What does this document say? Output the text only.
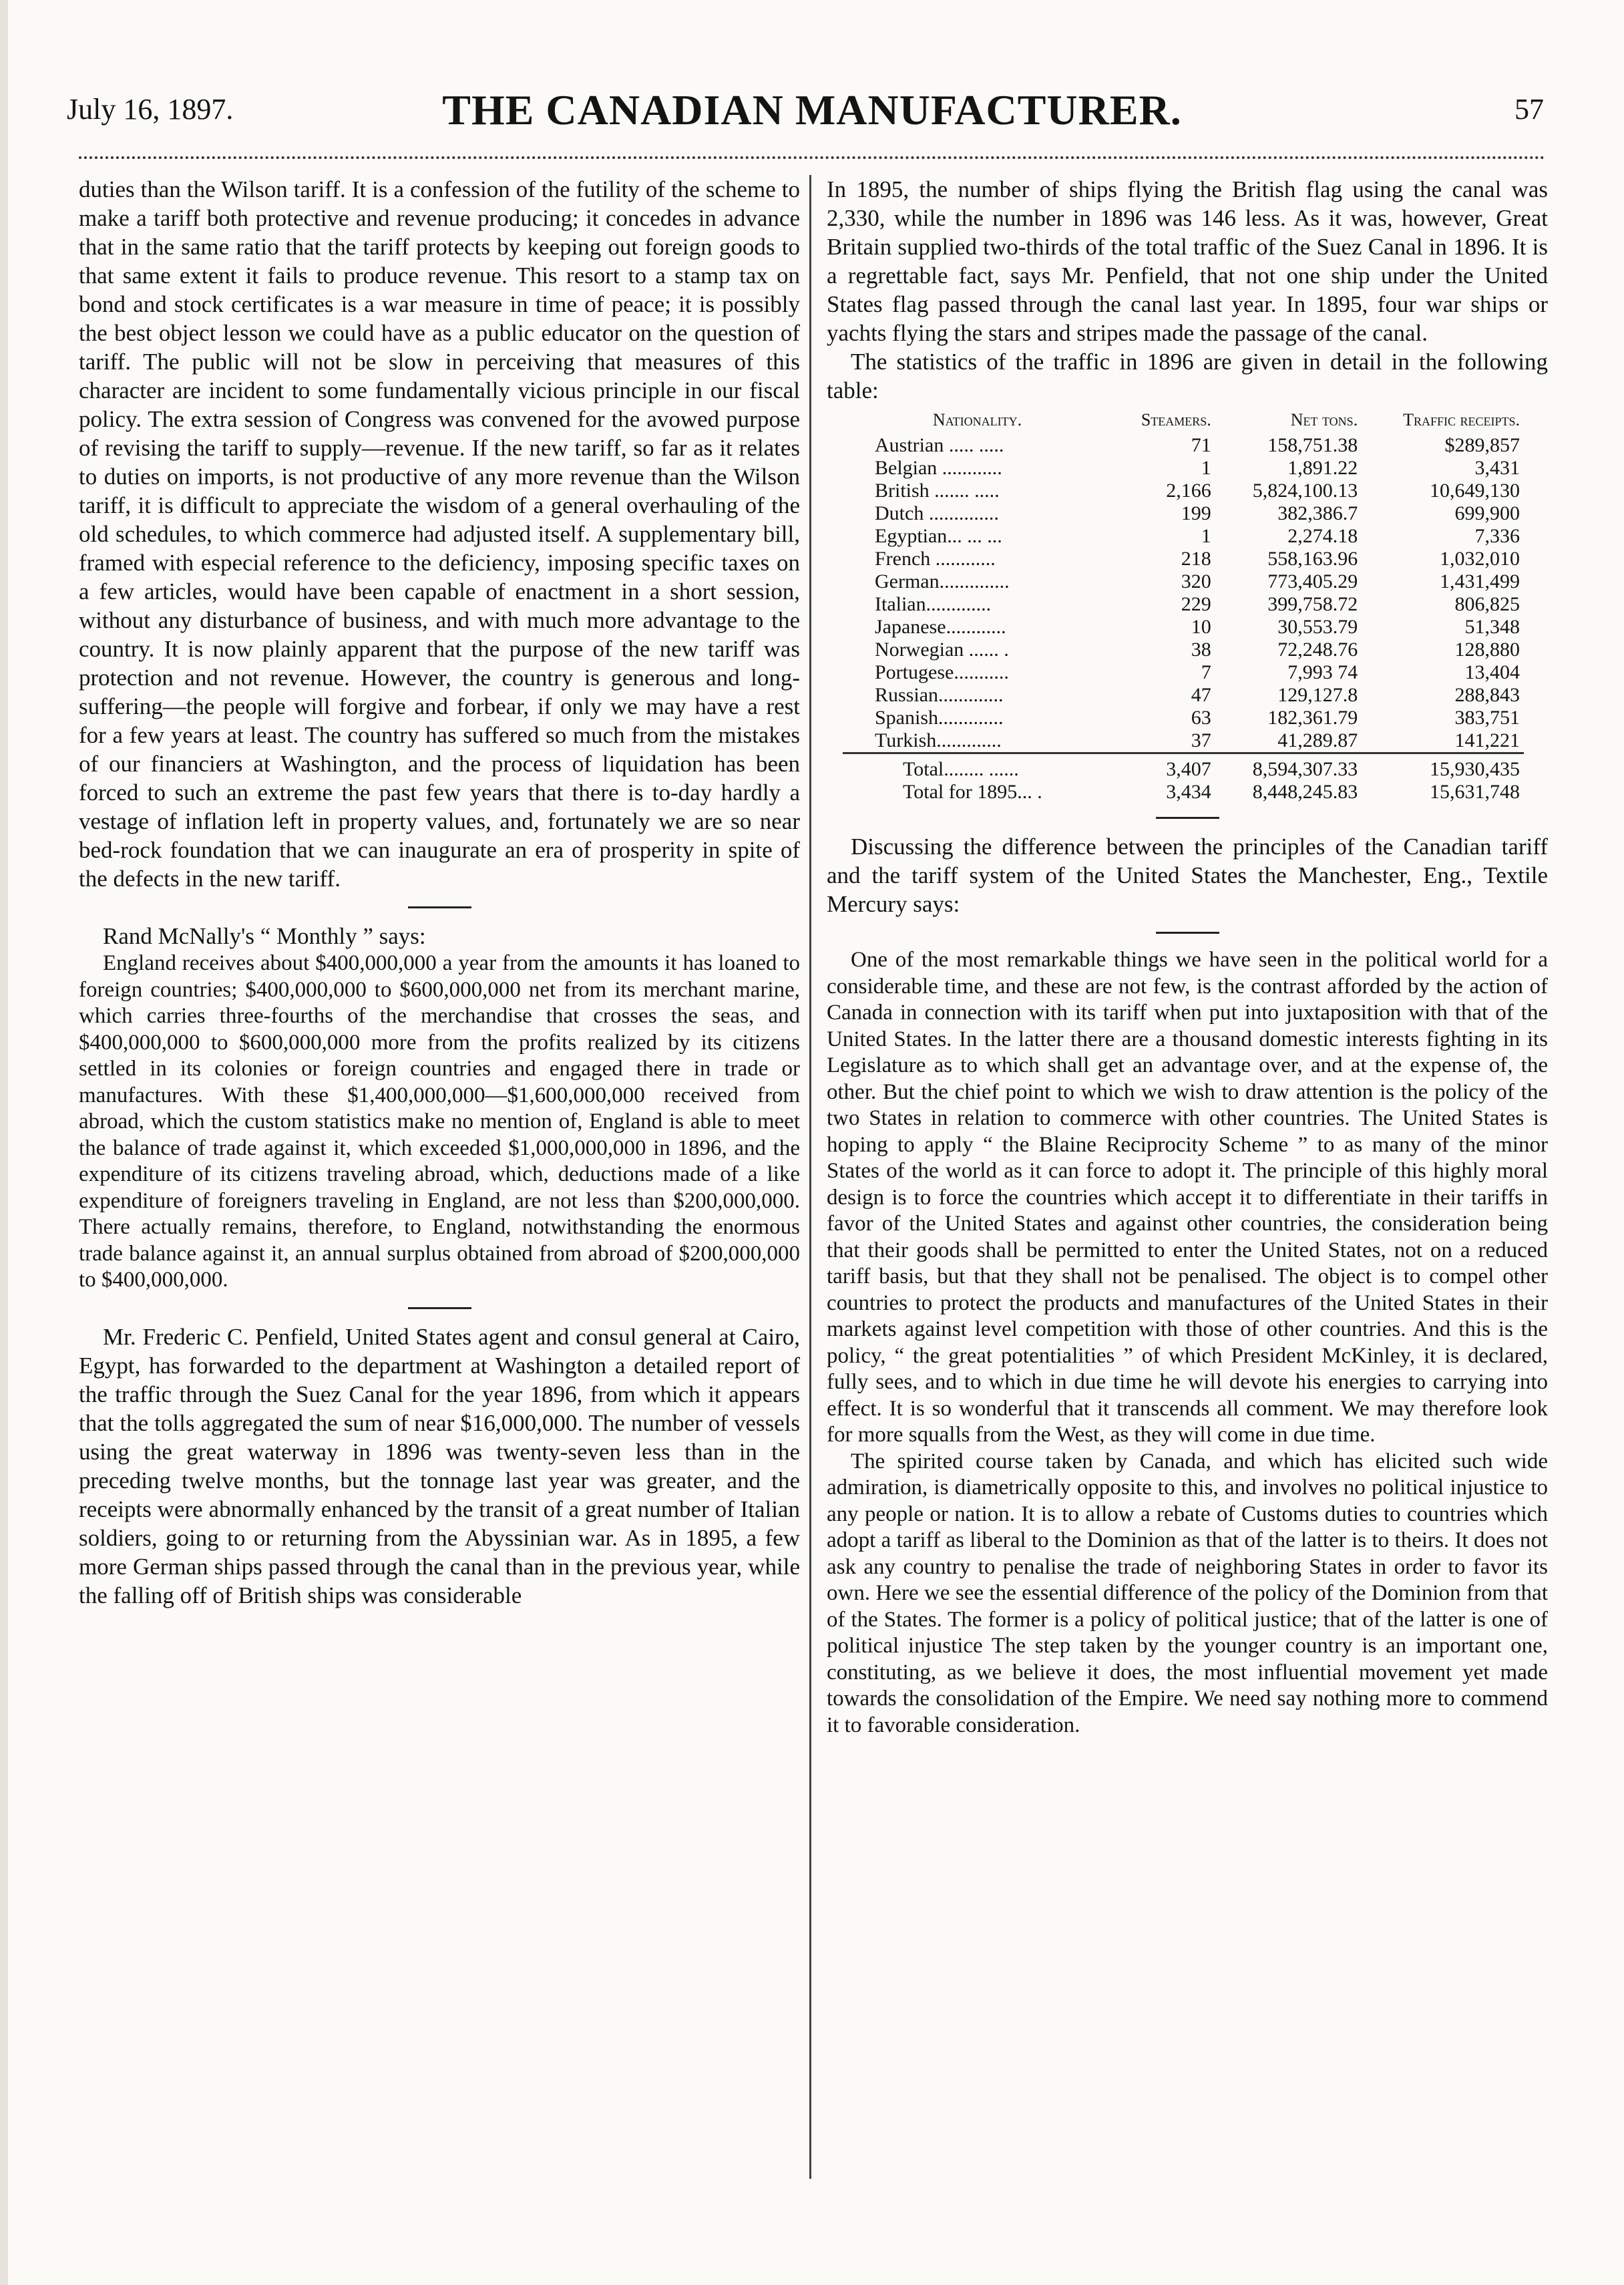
July 16, 1897.	THE CANADIAN MANUFACTURER.	57

duties than the Wilson tariff. It is a confession of the futility of the scheme to make a tariff both protective and revenue producing; it concedes in advance that in the same ratio that the tariff protects by keeping out foreign goods to that same extent it fails to produce revenue. This resort to a stamp tax on bond and stock certificates is a war measure in time of peace; it is possibly the best object lesson we could have as a public educator on the question of tariff. The public will not be slow in perceiving that measures of this character are incident to some fundamentally vicious principle in our fiscal policy. The extra session of Congress was convened for the avowed purpose of revising the tariff to supply—revenue. If the new tariff, so far as it relates to duties on imports, is not productive of any more revenue than the Wilson tariff, it is difficult to appreciate the wisdom of a general overhauling of the old schedules, to which commerce had adjusted itself. A supplementary bill, framed with especial reference to the deficiency, imposing specific taxes on a few articles, would have been capable of enactment in a short session, without any disturbance of business, and with much more advantage to the country. It is now plainly apparent that the purpose of the new tariff was protection and not revenue. However, the country is generous and long-suffering—the people will forgive and forbear, if only we may have a rest for a few years at least. The country has suffered so much from the mistakes of our financiers at Washington, and the process of liquidation has been forced to such an extreme the past few years that there is to-day hardly a vestage of inflation left in property values, and, fortunately we are so near bed-rock foundation that we can inaugurate an era of prosperity in spite of the defects in the new tariff.

Rand McNally's “ Monthly ” says:

England receives about $400,000,000 a year from the amounts it has loaned to foreign countries; $400,000,000 to $600,000,000 net from its merchant marine, which carries three-fourths of the merchandise that crosses the seas, and $400,000,000 to $600,000,000 more from the profits realized by its citizens settled in its colonies or foreign countries and engaged there in trade or manufactures. With these $1,400,000,000—$1,600,000,000 received from abroad, which the custom statistics make no mention of, England is able to meet the balance of trade against it, which exceeded $1,000,000,000 in 1896, and the expenditure of its citizens traveling abroad, which, deductions made of a like expenditure of foreigners traveling in England, are not less than $200,000,000. There actually remains, therefore, to England, notwithstanding the enormous trade balance against it, an annual surplus obtained from abroad of $200,000,000 to $400,000,000.

Mr. Frederic C. Penfield, United States agent and consul general at Cairo, Egypt, has forwarded to the department at Washington a detailed report of the traffic through the Suez Canal for the year 1896, from which it appears that the tolls aggregated the sum of near $16,000,000. The number of vessels using the great waterway in 1896 was twenty-seven less than in the preceding twelve months, but the tonnage last year was greater, and the receipts were abnormally enhanced by the transit of a great number of Italian soldiers, going to or returning from the Abyssinian war. As in 1895, a few more German ships passed through the canal than in the previous year, while the falling off of British ships was considerable

In 1895, the number of ships flying the British flag using the canal was 2,330, while the number in 1896 was 146 less. As it was, however, Great Britain supplied two-thirds of the total traffic of the Suez Canal in 1896. It is a regrettable fact, says Mr. Penfield, that not one ship under the United States flag passed through the canal last year. In 1895, four war ships or yachts flying the stars and stripes made the passage of the canal.

The statistics of the traffic in 1896 are given in detail in the following table:

Nationality.	Steamers.	Net tons.	Traffic receipts.
Austrian ..... .....	71	158,751.38	$289,857
Belgian ............	1	1,891.22	3,431
British ....... .....	2,166	5,824,100.13	10,649,130
Dutch ..............	199	382,386.7	699,900
Egyptian... ... ...	1	2,274.18	7,336
French ............	218	558,163.96	1,032,010
German..............	320	773,405.29	1,431,499
Italian.............	229	399,758.72	806,825
Japanese............	10	30,553.79	51,348
Norwegian ...... .	38	72,248.76	128,880
Portugese...........	7	7,993 74	13,404
Russian.............	47	129,127.8	288,843
Spanish.............	63	182,361.79	383,751
Turkish.............	37	41,289.87	141,221
Total........ ......	3,407	8,594,307.33	15,930,435
Total for 1895... .	3,434	8,448,245.83	15,631,748

Discussing the difference between the principles of the Canadian tariff and the tariff system of the United States the Manchester, Eng., Textile Mercury says:

One of the most remarkable things we have seen in the political world for a considerable time, and these are not few, is the contrast afforded by the action of Canada in connection with its tariff when put into juxtaposition with that of the United States. In the latter there are a thousand domestic interests fighting in its Legislature as to which shall get an advantage over, and at the expense of, the other. But the chief point to which we wish to draw attention is the policy of the two States in relation to commerce with other countries. The United States is hoping to apply “ the Blaine Reciprocity Scheme ” to as many of the minor States of the world as it can force to adopt it. The principle of this highly moral design is to force the countries which accept it to differentiate in their tariffs in favor of the United States and against other countries, the consideration being that their goods shall be permitted to enter the United States, not on a reduced tariff basis, but that they shall not be penalised. The object is to compel other countries to protect the products and manufactures of the United States in their markets against level competition with those of other countries. And this is the policy, “ the great potentialities ” of which President McKinley, it is declared, fully sees, and to which in due time he will devote his energies to carrying into effect. It is so wonderful that it transcends all comment. We may therefore look for more squalls from the West, as they will come in due time.

The spirited course taken by Canada, and which has elicited such wide admiration, is diametrically opposite to this, and involves no political injustice to any people or nation. It is to allow a rebate of Customs duties to countries which adopt a tariff as liberal to the Dominion as that of the latter is to theirs. It does not ask any country to penalise the trade of neighboring States in order to favor its own. Here we see the essential difference of the policy of the Dominion from that of the States. The former is a policy of political justice; that of the latter is one of political injustice The step taken by the younger country is an important one, constituting, as we believe it does, the most influential movement yet made towards the consolidation of the Empire. We need say nothing more to commend it to favorable consideration.
